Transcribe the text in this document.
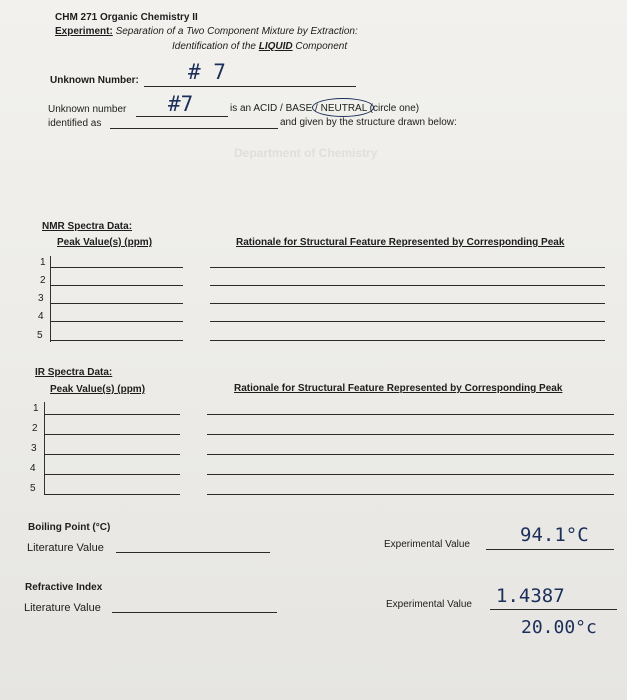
CHM 271 Organic Chemistry II
Experiment: Separation of a Two Component Mixture by Extraction:
Identification of the LIQUID Component
Unknown Number: # 7
Unknown number
identified as
#7	is an ACID / BASE / NEUTRAL (circle one)
and given by the structure drawn below:
Department of Chemistry
NMR Spectra Data:
Peak Value(s) (ppm)	Rationale for Structural Feature Represented by Corresponding Peak
1
2
3
4
5
IR Spectra Data:
Peak Value(s) (ppm)	Rationale for Structural Feature Represented by Corresponding Peak
1
2
3
4
5
Boiling Point (°C)
Literature Value	Experimental Value	94.1°C
Refractive Index
Literature Value	Experimental Value 1.4387
20.00°c
